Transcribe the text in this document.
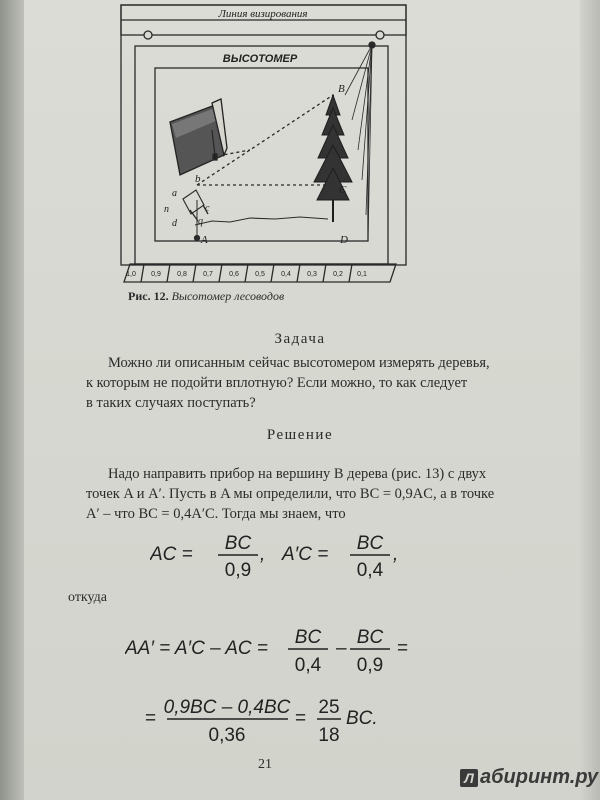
Линия визирования
ВЫСОТОМЕР
B
b
C
a
c
n
q
d
A	D
1,0 0,9 0,8 0,7 0,6 0,5 0,4 0,3 0,2 0,1
Рис. 12. Высотомер лесоводов
Задача
Можно ли описанным сейчас высотомером измерять деревья,
к которым не подойти вплотную? Если можно, то как следует
в таких случаях поступать?
Решение
Надо направить прибор на вершину B дерева (рис. 13) с двух
точек A и A′. Пусть в A мы определили, что BC = 0,9AC, а в точке
A′ – что BC = 0,4A′C. Тогда мы знаем, что
AC =
BC
0,9
, A′C =
BC
0,4
,
откуда
AA′ = A′C – AC =
BC
0,4
–
BC
0,9
=
=
0,9BC – 0,4BC
0,36
=
25
18
BC.
21
Л абиринт.ру
